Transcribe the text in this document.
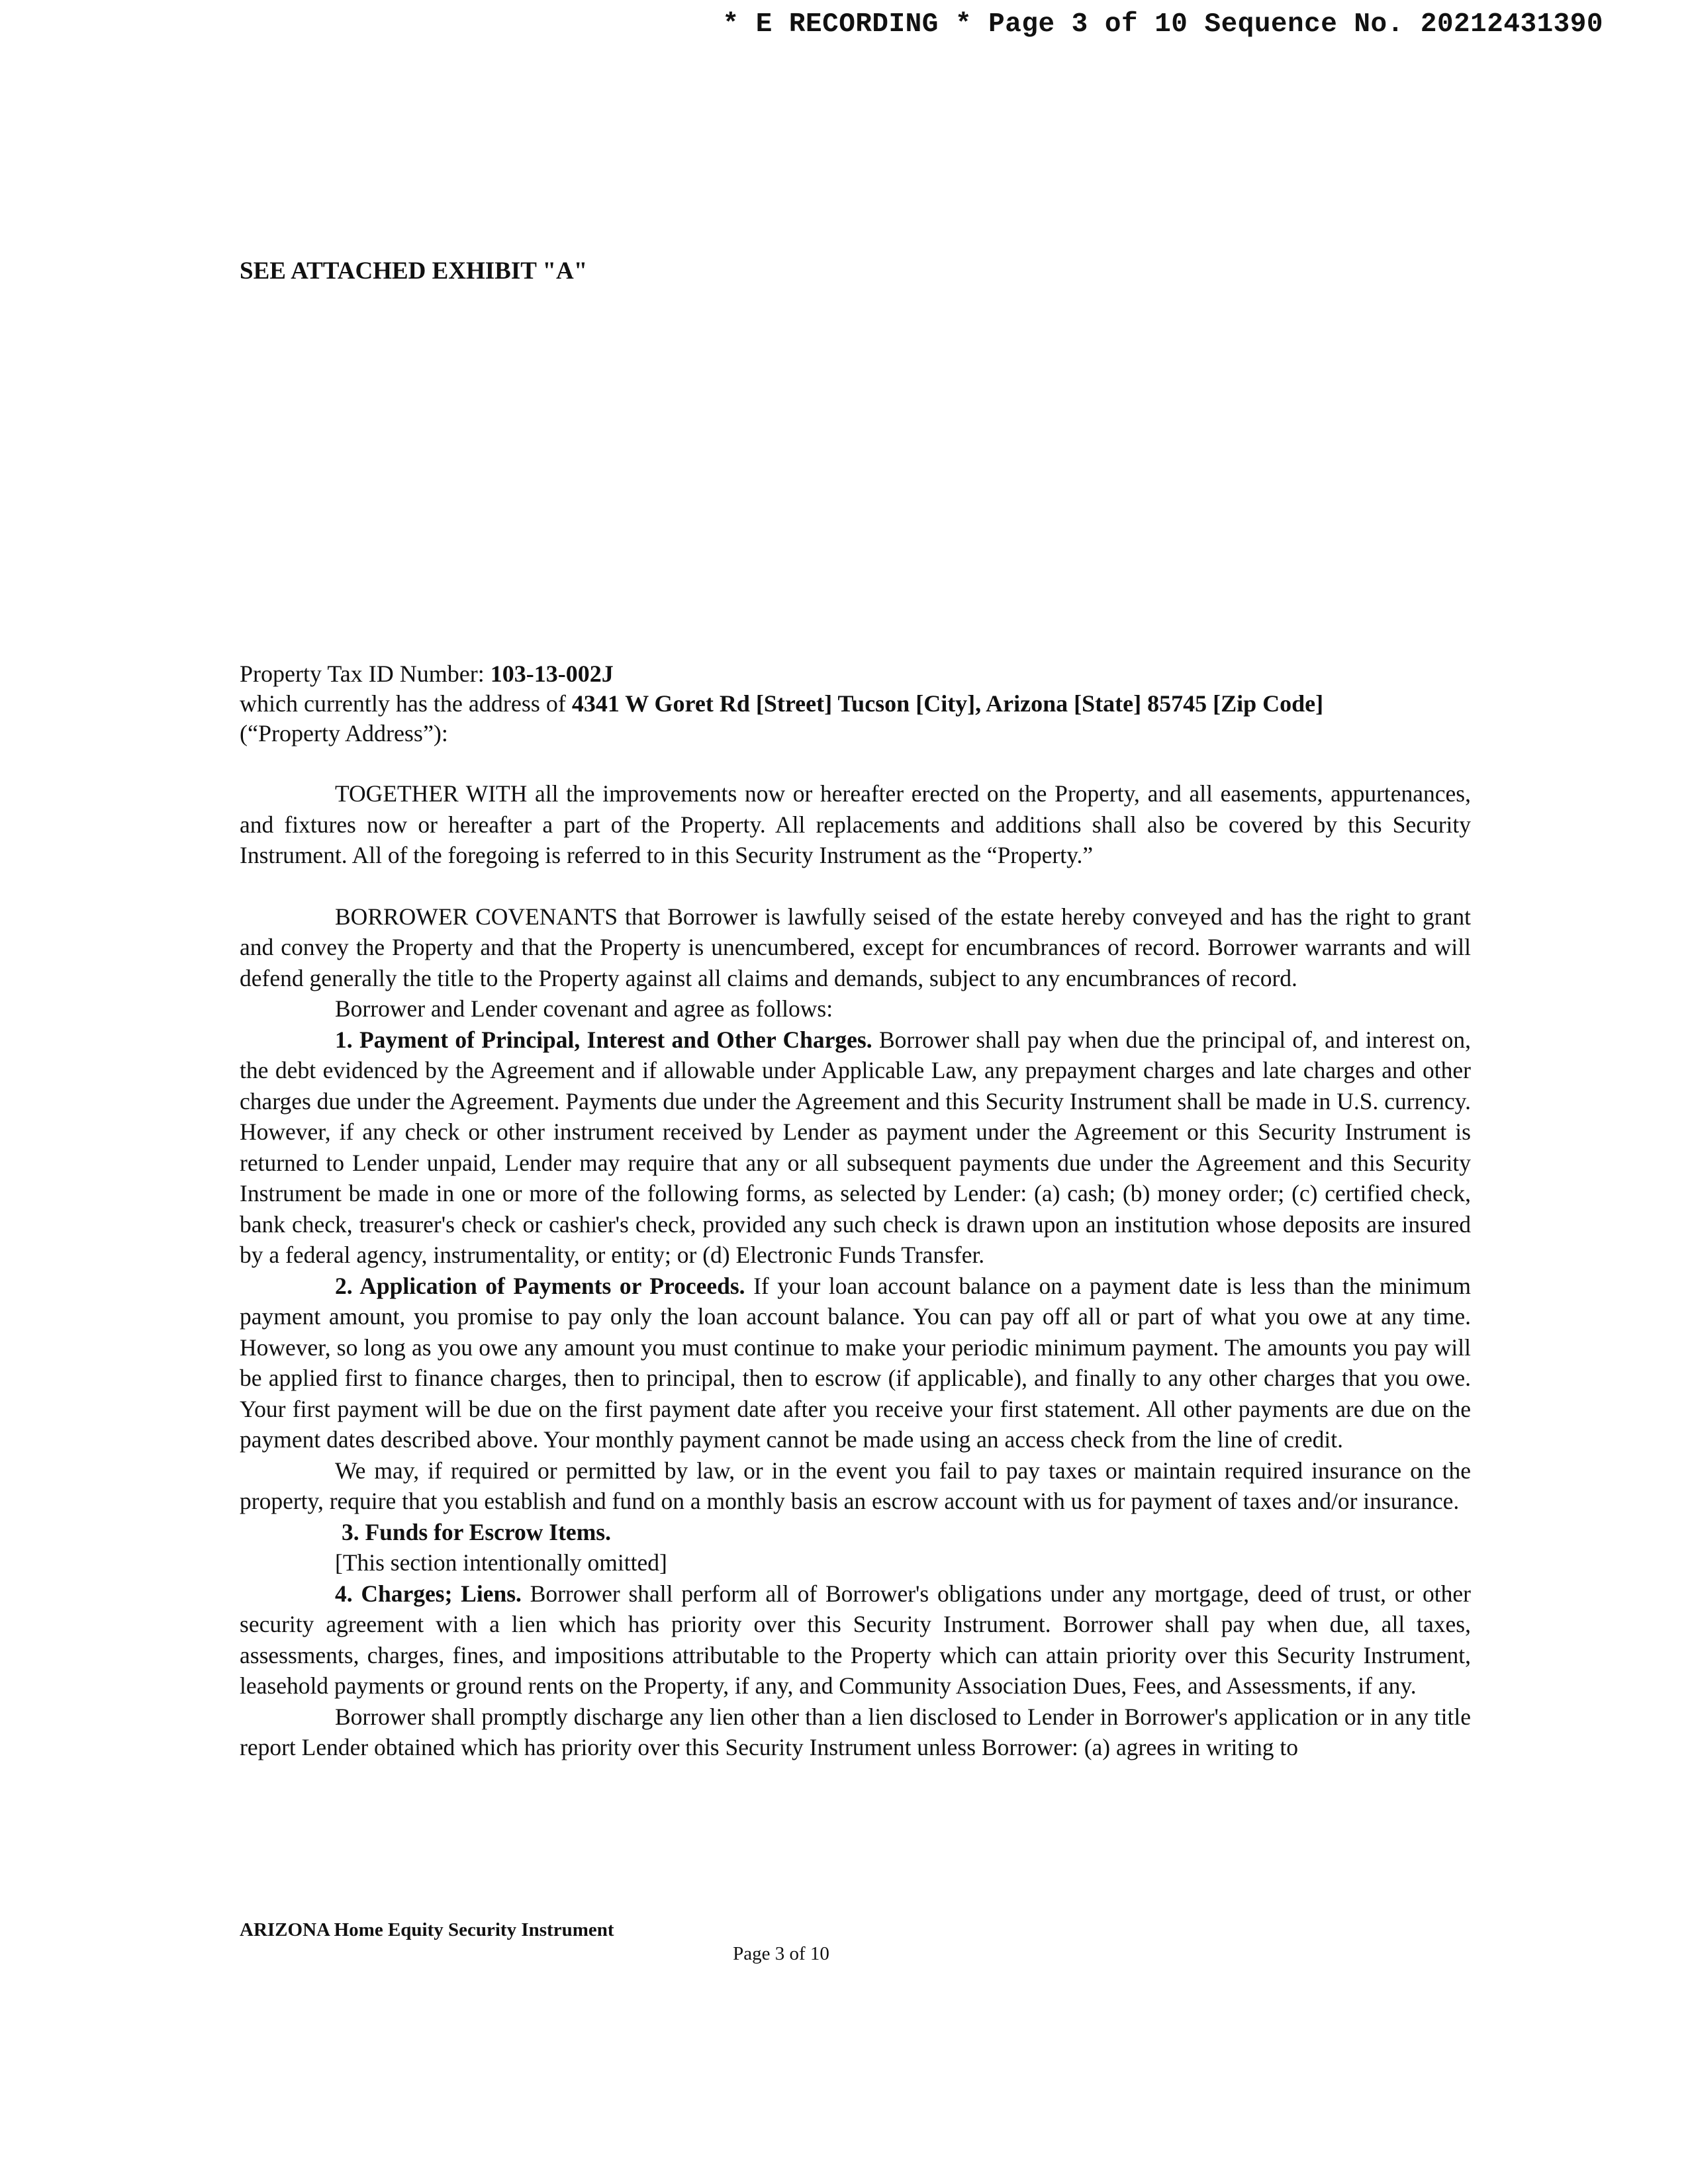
* E RECORDING * Page 3 of 10 Sequence No. 20212431390
SEE ATTACHED EXHIBIT "A"
Property Tax ID Number: 103-13-002J
which currently has the address of 4341 W Goret Rd [Street] Tucson [City], Arizona [State] 85745 [Zip Code]
(“Property Address”):

TOGETHER WITH all the improvements now or hereafter erected on the Property, and all easements, appurtenances, and fixtures now or hereafter a part of the Property. All replacements and additions shall also be covered by this Security Instrument. All of the foregoing is referred to in this Security Instrument as the “Property.”

BORROWER COVENANTS that Borrower is lawfully seised of the estate hereby conveyed and has the right to grant and convey the Property and that the Property is unencumbered, except for encumbrances of record. Borrower warrants and will defend generally the title to the Property against all claims and demands, subject to any encumbrances of record.

Borrower and Lender covenant and agree as follows:

1. Payment of Principal, Interest and Other Charges. Borrower shall pay when due the principal of, and interest on, the debt evidenced by the Agreement and if allowable under Applicable Law, any prepayment charges and late charges and other charges due under the Agreement. Payments due under the Agreement and this Security Instrument shall be made in U.S. currency. However, if any check or other instrument received by Lender as payment under the Agreement or this Security Instrument is returned to Lender unpaid, Lender may require that any or all subsequent payments due under the Agreement and this Security Instrument be made in one or more of the following forms, as selected by Lender: (a) cash; (b) money order; (c) certified check, bank check, treasurer's check or cashier's check, provided any such check is drawn upon an institution whose deposits are insured by a federal agency, instrumentality, or entity; or (d) Electronic Funds Transfer.

2. Application of Payments or Proceeds. If your loan account balance on a payment date is less than the minimum payment amount, you promise to pay only the loan account balance. You can pay off all or part of what you owe at any time. However, so long as you owe any amount you must continue to make your periodic minimum payment. The amounts you pay will be applied first to finance charges, then to principal, then to escrow (if applicable), and finally to any other charges that you owe. Your first payment will be due on the first payment date after you receive your first statement. All other payments are due on the payment dates described above. Your monthly payment cannot be made using an access check from the line of credit.

We may, if required or permitted by law, or in the event you fail to pay taxes or maintain required insurance on the property, require that you establish and fund on a monthly basis an escrow account with us for payment of taxes and/or insurance.

3. Funds for Escrow Items.

[This section intentionally omitted]

4. Charges; Liens. Borrower shall perform all of Borrower's obligations under any mortgage, deed of trust, or other security agreement with a lien which has priority over this Security Instrument. Borrower shall pay when due, all taxes, assessments, charges, fines, and impositions attributable to the Property which can attain priority over this Security Instrument, leasehold payments or ground rents on the Property, if any, and Community Association Dues, Fees, and Assessments, if any.

Borrower shall promptly discharge any lien other than a lien disclosed to Lender in Borrower's application or in any title report Lender obtained which has priority over this Security Instrument unless Borrower: (a) agrees in writing to

ARIZONA Home Equity Security Instrument
Page 3 of 10
